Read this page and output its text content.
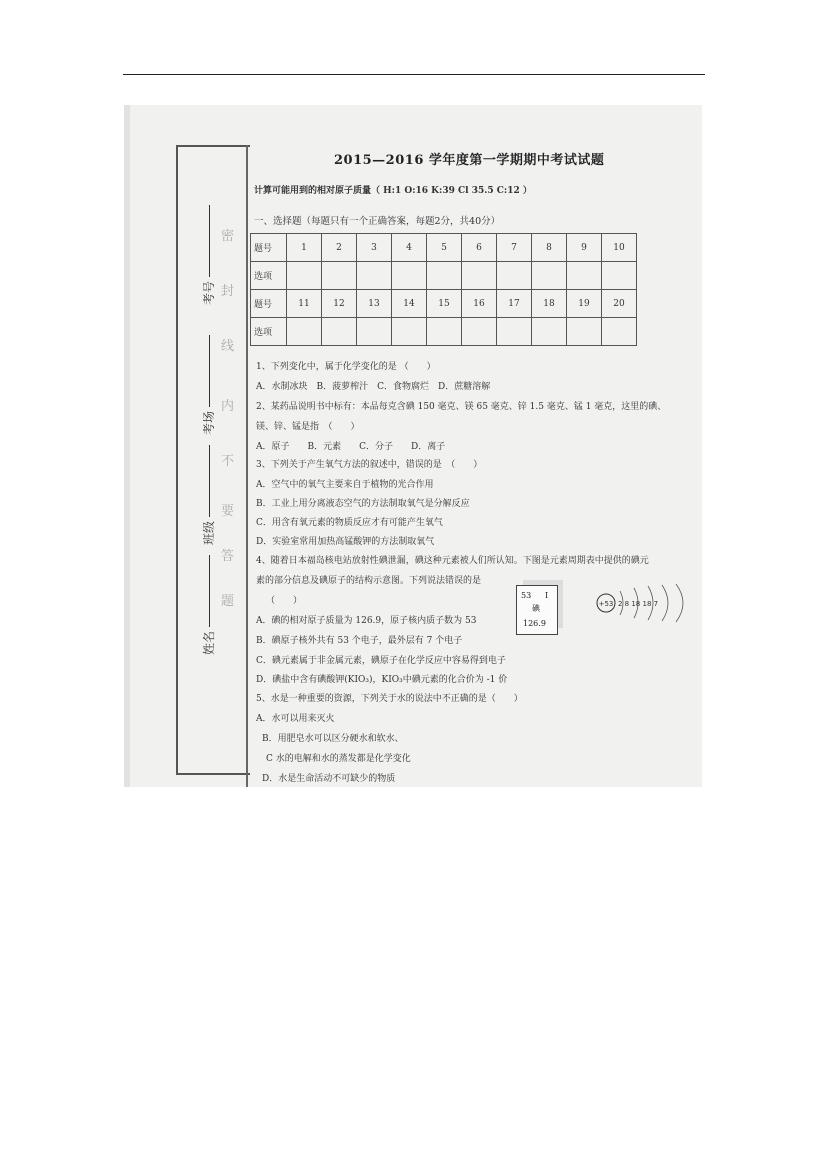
考号
考场
班级
姓名
密
封
线
内
不
要
答
题
2015—2016 学年度第一学期期中考试试题
计算可能用到的相对原子质量（ H:1 O:16 K:39 Cl 35.5 C:12 ）
一、选择题（每题只有一个正确答案，每题2分，共40分）
题号	1	2	3	4	5	6	7	8	9	10
选项										
题号	11	12	13	14	15	16	17	18	19	20
选项										
1、下列变化中，属于化学变化的是 （　　）
A．水制冰块　B．菠萝榨汁　C．食物腐烂　D．蔗糖溶解
2、某药品说明书中标有：本品每克含碘 150 毫克、镁 65 毫克、锌 1.5 毫克、锰 1 毫克，这里的碘、
镁、锌、锰是指　（　　）
A．原子　　B．元素　　C．分子　　D．离子
3、下列关于产生氧气方法的叙述中，错误的是　（　　）
A．空气中的氧气主要来自于植物的光合作用
B．工业上用分离液态空气的方法制取氧气是分解反应
C．用含有氧元素的物质反应才有可能产生氧气
D．实验室常用加热高锰酸钾的方法制取氧气
4、随着日本福岛核电站放射性碘泄漏，碘这种元素被人们所认知。下图是元素周期表中提供的碘元
素的部分信息及碘原子的结构示意图。下列说法错误的是
（　　）
A．碘的相对原子质量为 126.9，原子核内质子数为 53
B．碘原子核外共有 53 个电子，最外层有 7 个电子
C．碘元素属于非金属元素，碘原子在化学反应中容易得到电子
D．碘盐中含有碘酸钾(KIO₃)，KIO₃中碘元素的化合价为 -1 价
5、水是一种重要的资源，下列关于水的说法中不正确的是（　　）
A．水可以用来灭火
B．用肥皂水可以区分硬水和软水、
C 水的电解和水的蒸发都是化学变化
D．水是生命活动不可缺少的物质
53 I
碘
126.9
+53 2 8 18 18 7
